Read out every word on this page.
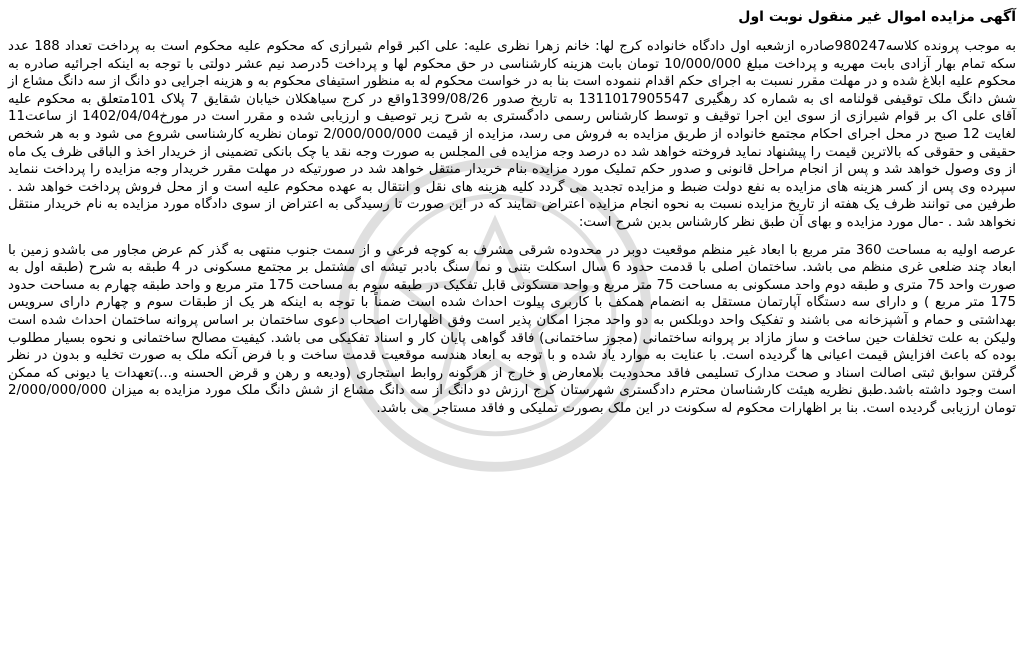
آگهی مزایده اموال غیر منقول نوبت اول

به موجب پرونده کلاسه980247صادره ازشعبه اول دادگاه خانواده کرج لها: خانم زهرا نظری علیه: علی اکبر قوام شیرازی که محکوم علیه محکوم است به پرداخت تعداد 188 عدد سکه تمام بهار آزادی بابت مهریه و پرداخت مبلغ 10/000/000 تومان بابت هزینه کارشناسی در حق محکوم لها و پرداخت 5درصد نیم عشر دولتی با توجه به اینکه اجرائیه صادره به محکوم علیه ابلاغ شده و در مهلت مقرر نسبت به اجرای حکم اقدام ننموده است بنا به در خواست محکوم له به منظور استیفای محکوم به و هزینه اجرایی دو دانگ از سه دانگ مشاع از شش دانگ ملک توقیفی قولنامه ای به شماره کد رهگیری 1311017905547 به تاریخ صدور 1399/08/26واقع در کرج سیاهکلان خیابان شقایق 7 پلاک 101متعلق به محکوم علیه آقای علی اک بر قوام شیرازی از سوی این اجرا توقیف و توسط کارشناس رسمی دادگستری به شرح زیر توصیف و ارزیابی شده و مقرر است در مورخ1402/04/04 از ساعت11 لغایت 12 صبح در محل اجرای احکام مجتمع خانواده از طریق مزایده به فروش می رسد، مزایده از قیمت 2/000/000/000 تومان نظریه کارشناسی شروع می شود و به هر شخص حقیقی و حقوقی که بالاترین قیمت را پیشنهاد نماید فروخته خواهد شد ده درصد وجه مزایده فی المجلس به صورت وجه نقد یا چک بانکی تضمینی از خریدار اخذ و الباقی ظرف یک ماه از وی وصول خواهد شد و پس از انجام مراحل قانونی و صدور حکم تملیک مورد مزایده بنام خریدار منتقل خواهد شد در صورتیکه در مهلت مقرر خریدار وجه مزایده را پرداخت ننماید سپرده وی پس از کسر هزینه های مزایده به نفع دولت ضبط و مزایده تجدید می گردد کلیه هزینه های نقل و انتقال به عهده محکوم علیه است و از محل فروش پرداخت خواهد شد . طرفین می توانند ظرف یک هفته از تاریخ مزایده نسبت به نحوه انجام مزایده اعتراض نمایند که در این صورت تا رسیدگی به اعتراض از سوی دادگاه مورد مزایده به نام خریدار منتقل نخواهد شد . -مال مورد مزایده و بهای آن طبق نظر کارشناس بدین شرح است:

عرصه اولیه به مساحت 360 متر مربع با ابعاد غیر منظم موقعیت دوبر در محدوده شرقی مشرف به کوچه فرعی و از سمت جنوب منتهی به گذر کم عرض مجاور می باشدو زمین با ابعاد چند ضلعی غری منظم می باشد. ساختمان اصلی با قدمت حدود 6 سال اسکلت بتنی و نما سنگ بادبر تیشه ای مشتمل بر مجتمع مسکونی در 4 طبقه به شرح (طبقه اول به صورت واحد 75 متری و طبقه دوم واحد مسکونی به مساحت 75 متر مربع و واحد مسکونی قابل تفکیک در طبقه سوم به مساحت 175 متر مربع و واحد طبقه چهارم به مساحت حدود 175 متر مربع ) و دارای سه دستگاه آپارتمان مستقل به انضمام همکف با کاربری پیلوت احداث شده است ضمناً با توجه به اینکه هر یک از طبقات سوم و چهارم دارای سرویس بهداشتی و حمام و آشپزخانه می باشند و تفکیک واحد دوبلکس به دو واحد مجزا امکان پذیر است وفق اظهارات اصحاب دعوی ساختمان بر اساس پروانه ساختمان احداث شده است ولیکن به علت تخلفات حین ساخت و ساز مازاد بر پروانه ساختمانی (مجوز ساختمانی) فاقد گواهی پایان کار و اسناد تفکیکی می باشد. کیفیت مصالح ساختمانی و نحوه بسیار مطلوب بوده که باعث افزایش قیمت اعیانی ها گردیده است. با عنایت به موارد یاد شده و با توجه به ابعاد هندسه موقعیت قدمت ساخت و با فرض آنکه ملک به صورت تخلیه و بدون در نظر گرفتن سوابق ثبتی اصالت اسناد و صحت مدارک تسلیمی فاقد محدودیت بلامعارض و خارج از هرگونه روابط استجاری (ودیعه و رهن و قرض الحسنه و...)تعهدات یا دیونی که ممکن است وجود داشته باشد.طبق نظریه هیئت کارشناسان محترم دادگستری شهرستان کرج ارزش دو دانگ از سه دانگ مشاع از شش دانگ ملک مورد مزایده به میزان 2/000/000/000 تومان ارزیابی گردیده است. بنا بر اظهارات محکوم له سکونت در این ملک بصورت تملیکی و فاقد مستاجر می باشد.
